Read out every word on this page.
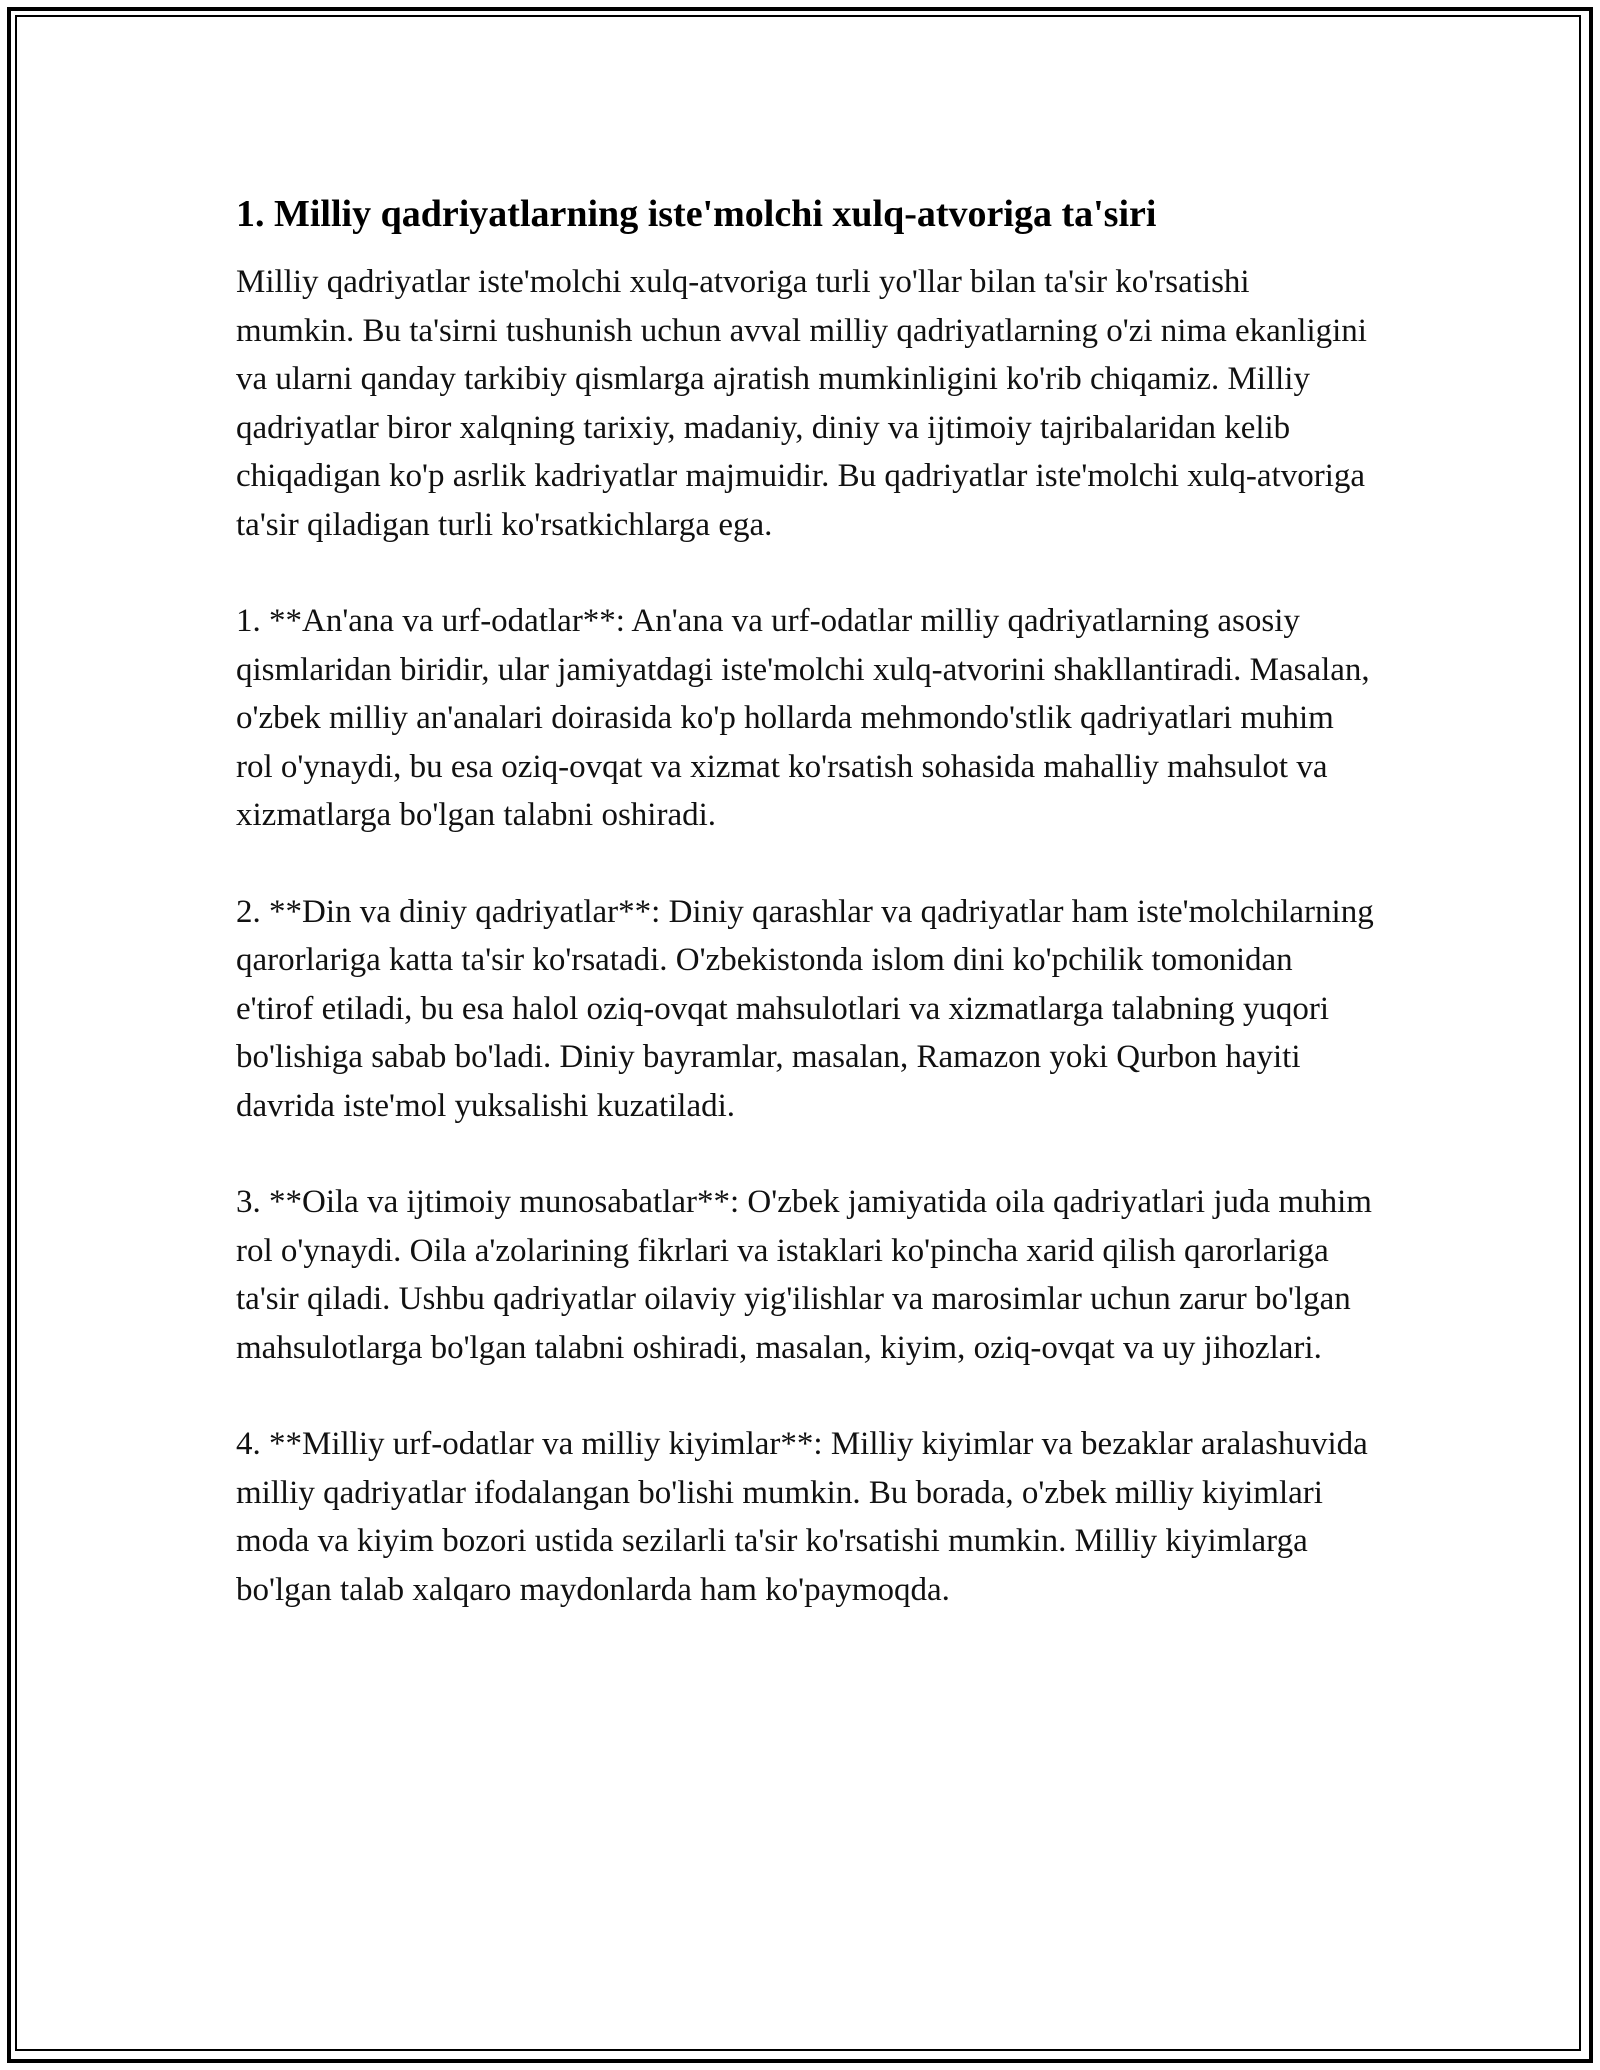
1. Milliy qadriyatlarning iste'molchi xulq-atvoriga ta'siri

Milliy qadriyatlar iste'molchi xulq-atvoriga turli yo'llar bilan ta'sir ko'rsatishi mumkin. Bu ta'sirni tushunish uchun avval milliy qadriyatlarning o'zi nima ekanligini va ularni qanday tarkibiy qismlarga ajratish mumkinligini ko'rib chiqamiz. Milliy qadriyatlar biror xalqning tarixiy, madaniy, diniy va ijtimoiy tajribalaridan kelib chiqadigan ko'p asrlik kadriyatlar majmuidir. Bu qadriyatlar iste'molchi xulq-atvoriga ta'sir qiladigan turli ko'rsatkichlarga ega.

1. **An'ana va urf-odatlar**: An'ana va urf-odatlar milliy qadriyatlarning asosiy qismlaridan biridir, ular jamiyatdagi iste'molchi xulq-atvorini shakllantiradi. Masalan, o'zbek milliy an'analari doirasida ko'p hollarda mehmondo'stlik qadriyatlari muhim rol o'ynaydi, bu esa oziq-ovqat va xizmat ko'rsatish sohasida mahalliy mahsulot va xizmatlarga bo'lgan talabni oshiradi.

2. **Din va diniy qadriyatlar**: Diniy qarashlar va qadriyatlar ham iste'molchilarning qarorlariga katta ta'sir ko'rsatadi. O'zbekistonda islom dini ko'pchilik tomonidan e'tirof etiladi, bu esa halol oziq-ovqat mahsulotlari va xizmatlarga talabning yuqori bo'lishiga sabab bo'ladi. Diniy bayramlar, masalan, Ramazon yoki Qurbon hayiti davrida iste'mol yuksalishi kuzatiladi.

3. **Oila va ijtimoiy munosabatlar**: O'zbek jamiyatida oila qadriyatlari juda muhim rol o'ynaydi. Oila a'zolarining fikrlari va istaklari ko'pincha xarid qilish qarorlariga ta'sir qiladi. Ushbu qadriyatlar oilaviy yig'ilishlar va marosimlar uchun zarur bo'lgan mahsulotlarga bo'lgan talabni oshiradi, masalan, kiyim, oziq-ovqat va uy jihozlari.

4. **Milliy urf-odatlar va milliy kiyimlar**: Milliy kiyimlar va bezaklar aralashuvida milliy qadriyatlar ifodalangan bo'lishi mumkin. Bu borada, o'zbek milliy kiyimlari moda va kiyim bozori ustida sezilarli ta'sir ko'rsatishi mumkin. Milliy kiyimlarga bo'lgan talab xalqaro maydonlarda ham ko'paymoqda.
